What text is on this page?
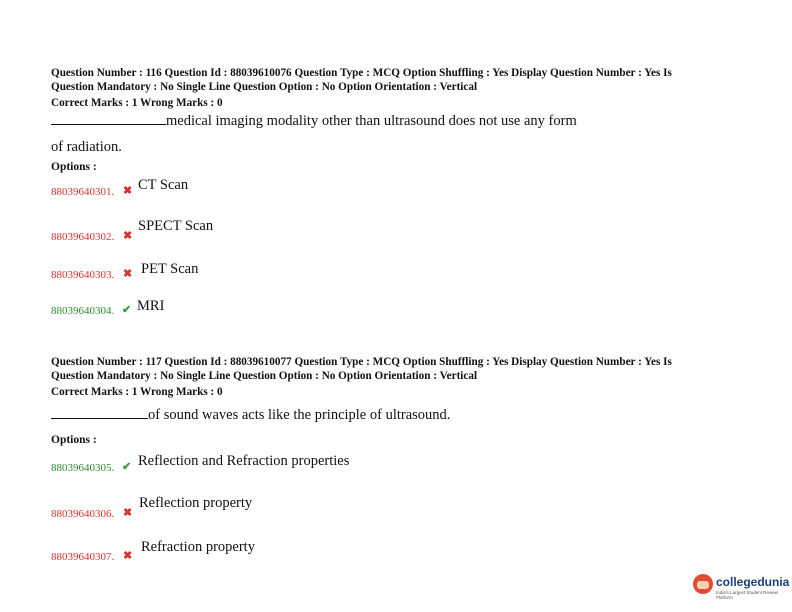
Question Number : 116 Question Id : 88039610076 Question Type : MCQ Option Shuffling : Yes Display Question Number : Yes Is
Question Mandatory : No Single Line Question Option : No Option Orientation : Vertical
Correct Marks : 1 Wrong Marks : 0
medical imaging modality other than ultrasound does not use any form
of radiation.
Options :
88039640301. ✖ CT Scan
88039640302. ✖
SPECT Scan
88039640303. ✖ PET Scan
88039640304. ✔ MRI
Question Number : 117 Question Id : 88039610077 Question Type : MCQ Option Shuffling : Yes Display Question Number : Yes Is
Question Mandatory : No Single Line Question Option : No Option Orientation : Vertical
Correct Marks : 1 Wrong Marks : 0
of sound waves acts like the principle of ultrasound.
Options :
88039640305. ✔ Reflection and Refraction properties
88039640306. ✖
Reflection property
88039640307. ✖
Refraction property
collegedunia
India's Largest Student Review Platform
